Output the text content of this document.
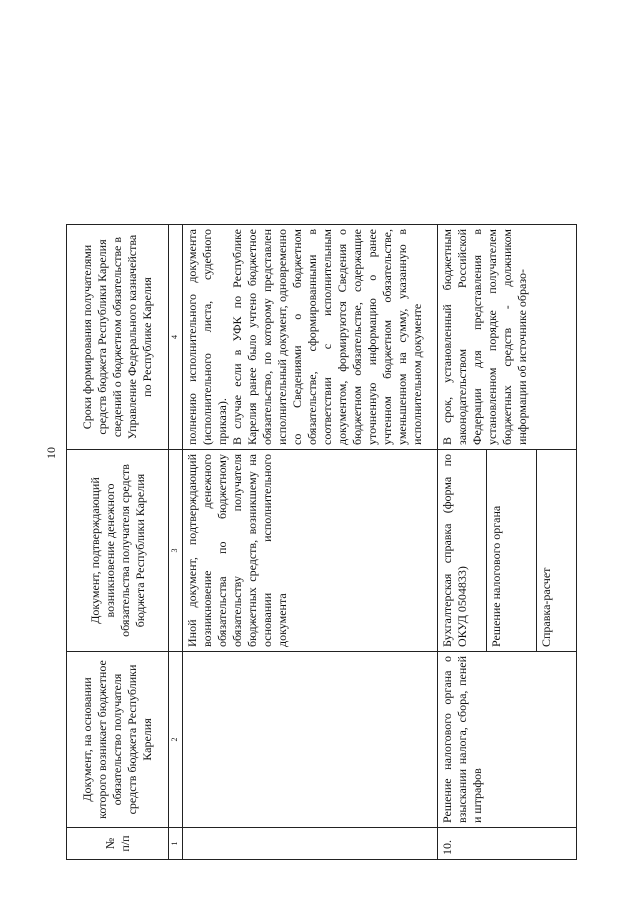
10
№ п/п	Документ, на основании которого возникает бюджетное обязательство получателя средств бюджета Республики Карелия	Документ, подтверждающий возникновение денежного обязательства получателя средств бюджета Республики Карелия	Сроки формирования получателями средств бюджета Республики Карелия сведений о бюджетном обязательстве в Управление Федерального казначейства по Республике Карелия
1	2	3	4
		Иной документ, подтверждающий возникновение денежного обязательства по бюджетному обязательству получателя бюджетных средств, возникшему на основании исполнительного документа	полнению исполнительного документа (исполнительного листа, судебного приказа). В случае если в УФК по Республике Карелия ранее было учтено бюджетное обязательство, по которому представлен исполнительный документ, одновременно со Сведениями о бюджетном обязательстве, сформированными в соответствии с исполнительным документом, формируются Сведения о бюджетном обязательстве, содержащие уточненную информацию о ранее учтенном бюджетном обязательстве, уменьшенном на сумму, указанную в исполнительном документе

10.	Решение налогового органа о взыскании налога, сбора, пеней и штрафов	Бухгалтерская справка (форма по ОКУД 0504833)	В срок, установленный бюджетным законодательством Российской Федерации для представления в установленном порядке получателем бюджетных средств - должником информации об источнике образо-
		Решение налогового органа	
		Справка-расчет	
